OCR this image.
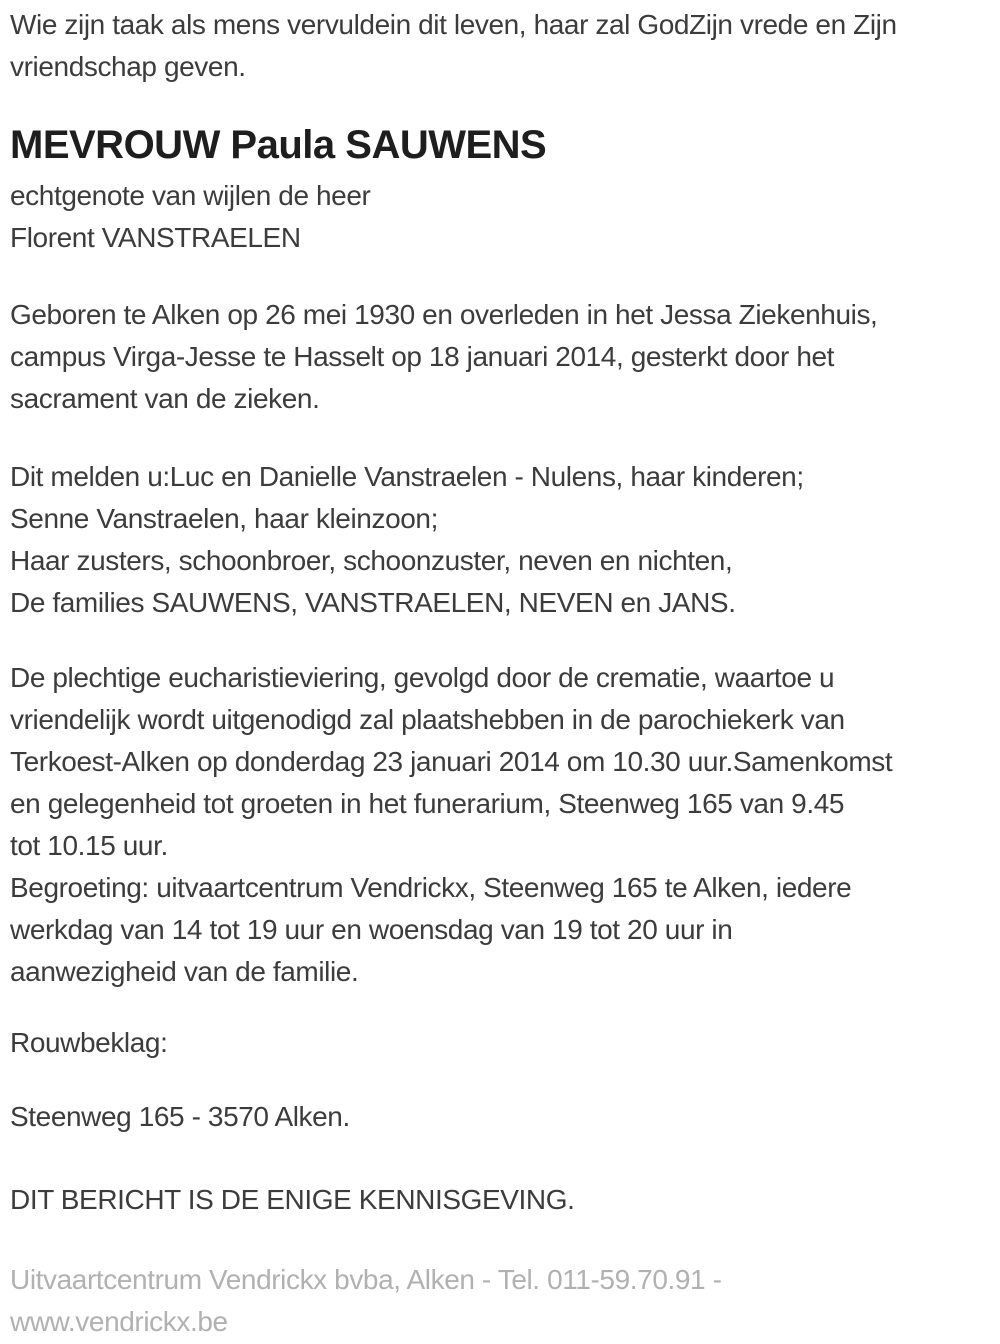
Wie zijn taak als mens vervuldein dit leven, haar zal GodZijn vrede en Zijn
vriendschap geven.
MEVROUW Paula SAUWENS
echtgenote van wijlen de heer
Florent VANSTRAELEN
Geboren te Alken op 26 mei 1930 en overleden in het Jessa Ziekenhuis,
campus Virga-Jesse te Hasselt op 18 januari 2014, gesterkt door het
sacrament van de zieken.
Dit melden u:Luc en Danielle Vanstraelen - Nulens, haar kinderen;
Senne Vanstraelen, haar kleinzoon;
Haar zusters, schoonbroer, schoonzuster, neven en nichten,
De families SAUWENS, VANSTRAELEN, NEVEN en JANS.
De plechtige eucharistieviering, gevolgd door de crematie, waartoe u
vriendelijk wordt uitgenodigd zal plaatshebben in de parochiekerk van
Terkoest-Alken op donderdag 23 januari 2014 om 10.30 uur.Samenkomst
en gelegenheid tot groeten in het funerarium, Steenweg 165 van 9.45
tot 10.15 uur.
Begroeting: uitvaartcentrum Vendrickx, Steenweg 165 te Alken, iedere
werkdag van 14 tot 19 uur en woensdag van 19 tot 20 uur in
aanwezigheid van de familie.
Rouwbeklag:
Steenweg 165 - 3570 Alken.
DIT BERICHT IS DE ENIGE KENNISGEVING.
Uitvaartcentrum Vendrickx bvba, Alken - Tel. 011-59.70.91 -
www.vendrickx.be
